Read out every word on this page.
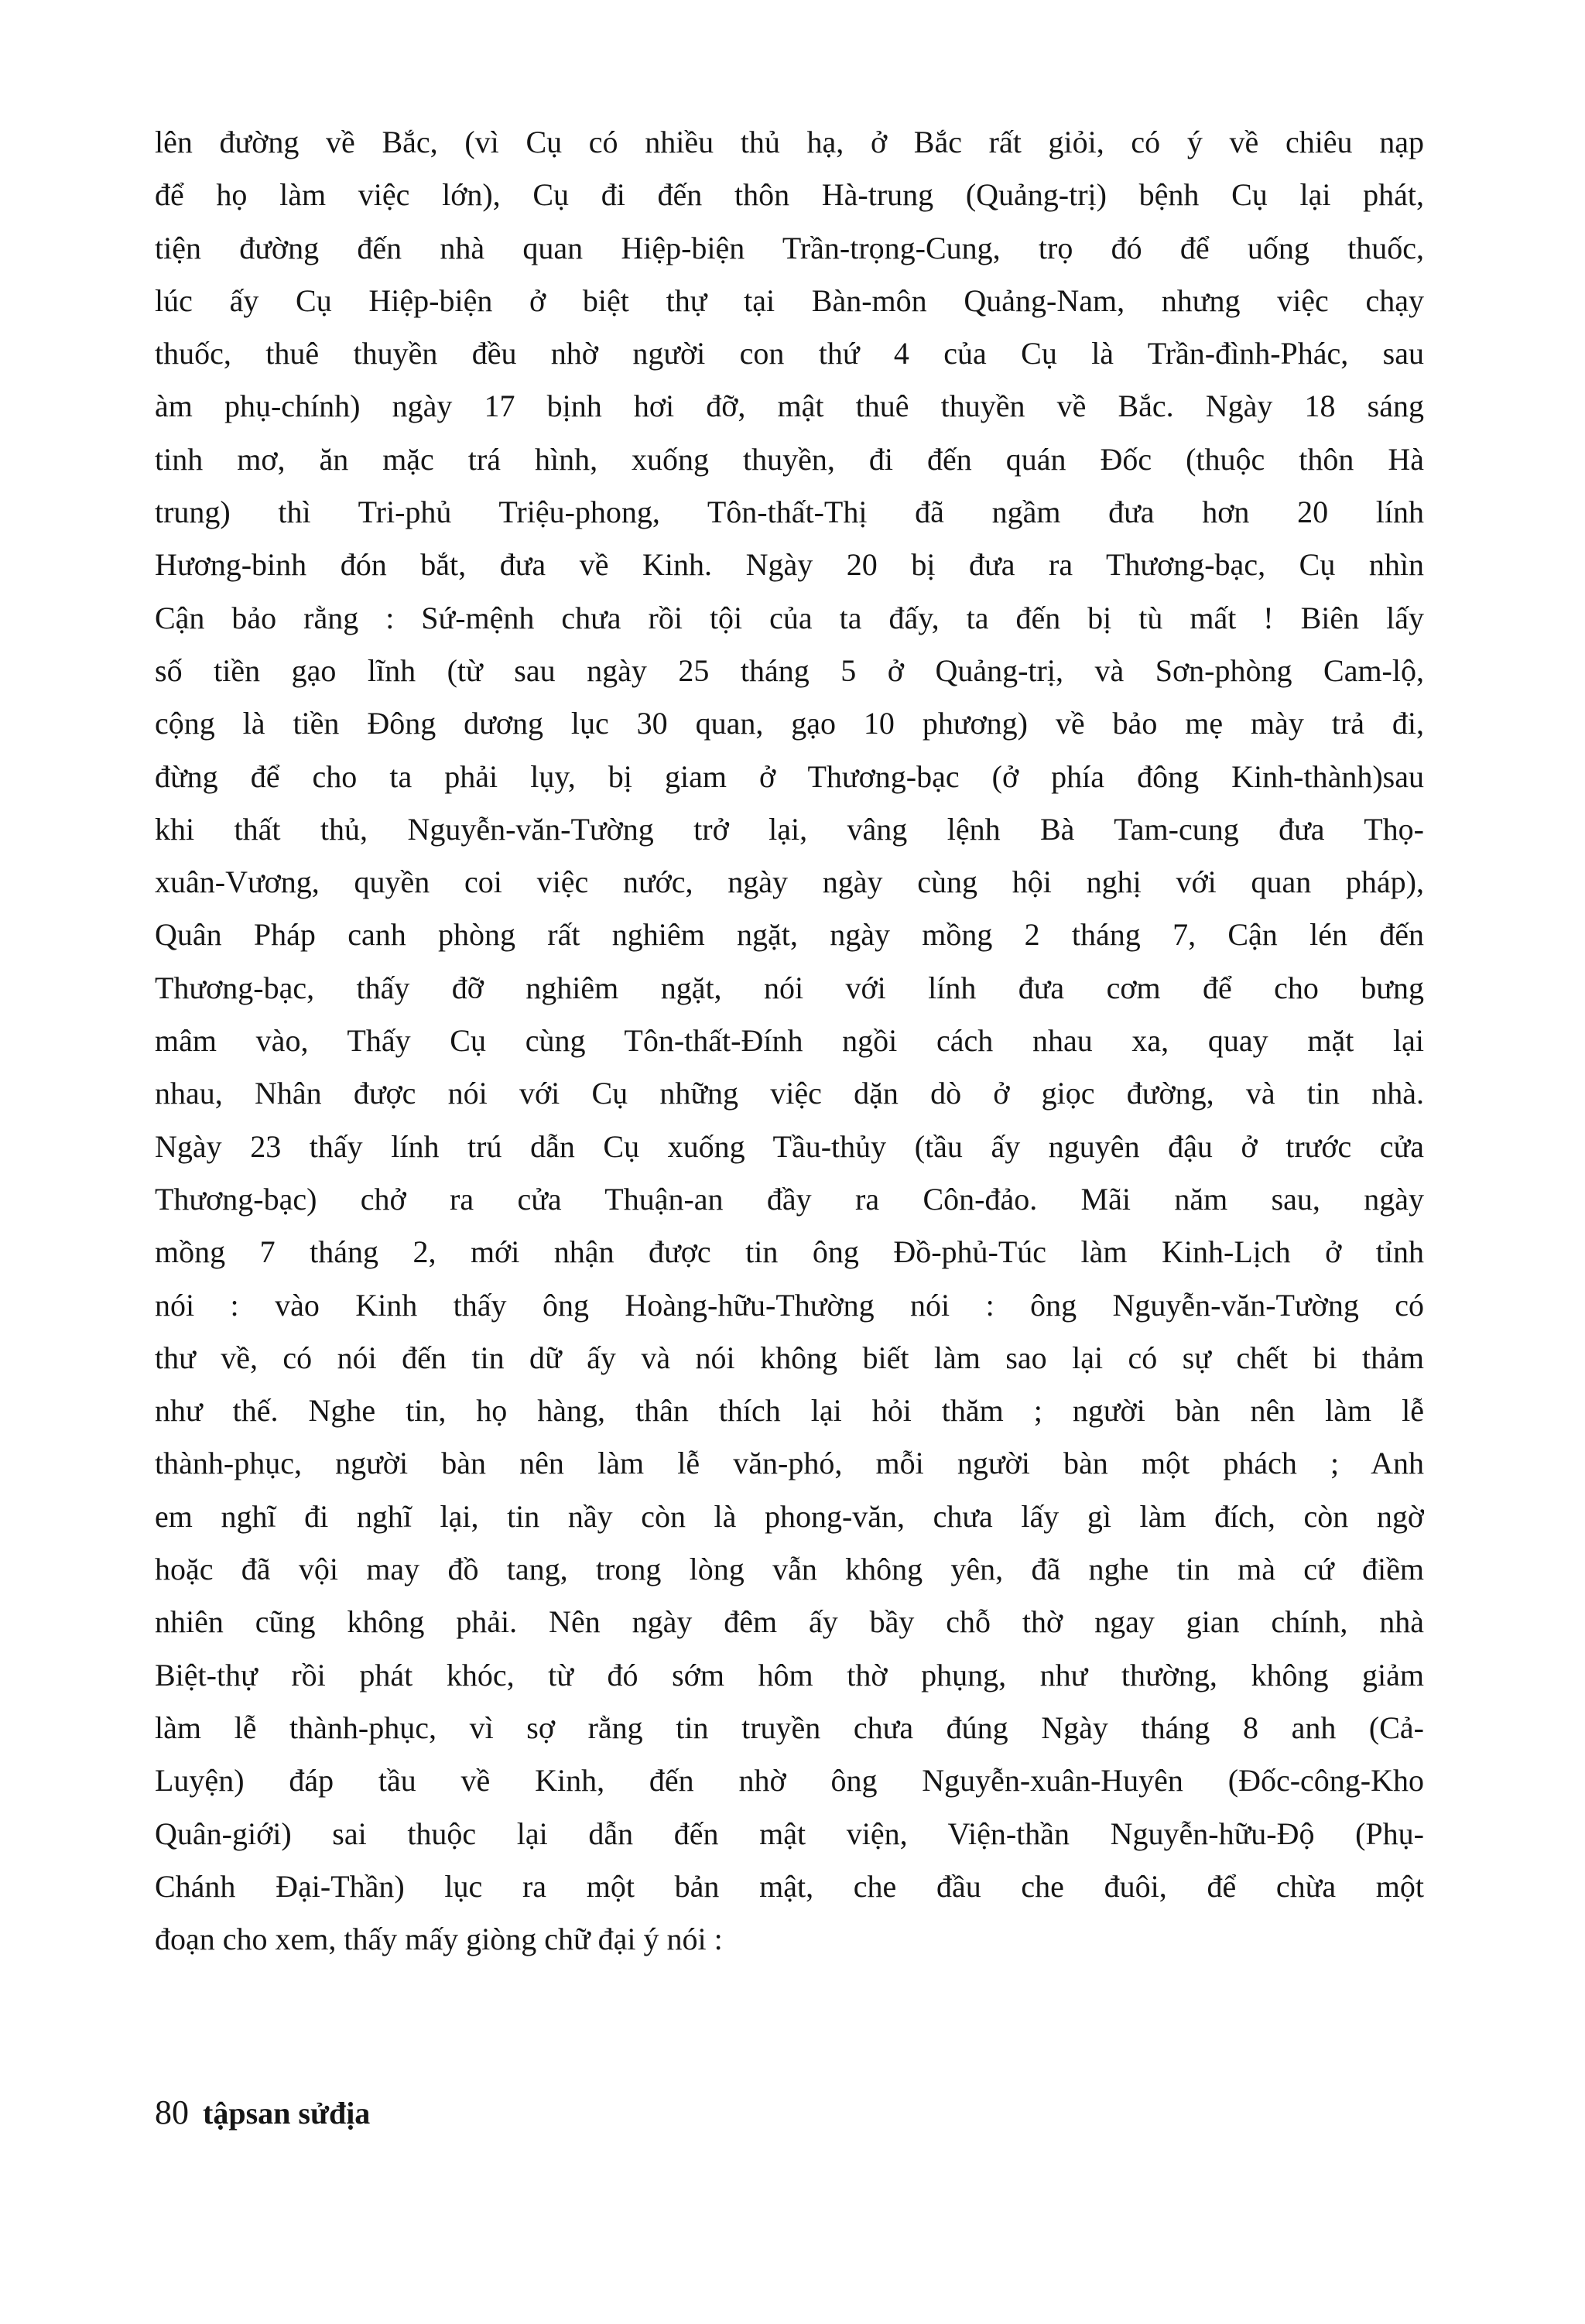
lên đường về Bắc, (vì Cụ có nhiều thủ hạ, ở Bắc rất giỏi, có ý về chiêu nạp
để họ làm việc lớn), Cụ đi đến thôn Hà-trung (Quảng-trị) bệnh Cụ lại phát,
tiện đường đến nhà quan Hiệp-biện Trần-trọng-Cung, trọ đó để uống thuốc,
lúc ấy Cụ Hiệp-biện ở biệt thự tại Bàn-môn Quảng-Nam, nhưng việc chạy
thuốc, thuê thuyền đều nhờ người con thứ 4 của Cụ là Trần-đình-Phác, sau
àm phụ-chính) ngày 17 bịnh hơi đỡ, mật thuê thuyền về Bắc. Ngày 18 sáng
tinh mơ, ăn mặc trá hình, xuống thuyền, đi đến quán Đốc (thuộc thôn Hà
trung) thì Tri-phủ Triệu-phong, Tôn-thất-Thị đã ngầm đưa hơn 20 lính
Hương-binh đón bắt, đưa về Kinh. Ngày 20 bị đưa ra Thương-bạc, Cụ nhìn
Cận bảo rằng : Sứ-mệnh chưa rồi tội của ta đấy, ta đến bị tù mất ! Biên lấy
số tiền gạo lĩnh (từ sau ngày 25 tháng 5 ở Quảng-trị, và Sơn-phòng Cam-lộ,
cộng là tiền Đông dương lục 30 quan, gạo 10 phương) về bảo mẹ mày trả đi,
đừng để cho ta phải lụy, bị giam ở Thương-bạc (ở phía đông Kinh-thành)sau
khi thất thủ, Nguyễn-văn-Tường trở lại, vâng lệnh Bà Tam-cung đưa Thọ-
xuân-Vương, quyền coi việc nước, ngày ngày cùng hội nghị với quan pháp),
Quân Pháp canh phòng rất nghiêm ngặt, ngày mồng 2 tháng 7, Cận lén đến
Thương-bạc, thấy đỡ nghiêm ngặt, nói với lính đưa cơm để cho bưng
mâm vào, Thấy Cụ cùng Tôn-thất-Đính ngồi cách nhau xa, quay mặt lại
nhau, Nhân được nói với Cụ những việc dặn dò ở giọc đường, và tin nhà.
Ngày 23 thấy lính trú dẫn Cụ xuống Tầu-thủy (tầu ấy nguyên đậu ở trước cửa
Thương-bạc) chở ra cửa Thuận-an đầy ra Côn-đảo. Mãi năm sau, ngày
mồng 7 tháng 2, mới nhận được tin ông Đồ-phủ-Túc làm Kinh-Lịch ở tỉnh
nói : vào Kinh thấy ông Hoàng-hữu-Thường nói : ông Nguyễn-văn-Tường có
thư về, có nói đến tin dữ ấy và nói không biết làm sao lại có sự chết bi thảm
như thế. Nghe tin, họ hàng, thân thích lại hỏi thăm ; người bàn nên làm lễ
thành-phục, người bàn nên làm lễ văn-phó, mỗi người bàn một phách ; Anh
em nghĩ đi nghĩ lại, tin nầy còn là phong-văn, chưa lấy gì làm đích, còn ngờ
hoặc đã vội may đồ tang, trong lòng vẫn không yên, đã nghe tin mà cứ điềm
nhiên cũng không phải. Nên ngày đêm ấy bầy chỗ thờ ngay gian chính, nhà
Biệt-thự rồi phát khóc, từ đó sớm hôm thờ phụng, như thường, không giảm
làm lễ thành-phục, vì sợ rằng tin truyền chưa đúng Ngày tháng 8 anh (Cả-
Luyện) đáp tầu về Kinh, đến nhờ ông Nguyễn-xuân-Huyên (Đốc-công-Kho
Quân-giới) sai thuộc lại dẫn đến mật viện, Viện-thần Nguyễn-hữu-Độ (Phụ-
Chánh Đại-Thần) lục ra một bản mật, che đầu che đuôi, để chừa một
đoạn cho xem, thấy mấy giòng chữ đại ý nói :
80 tậpsan sửđịa
